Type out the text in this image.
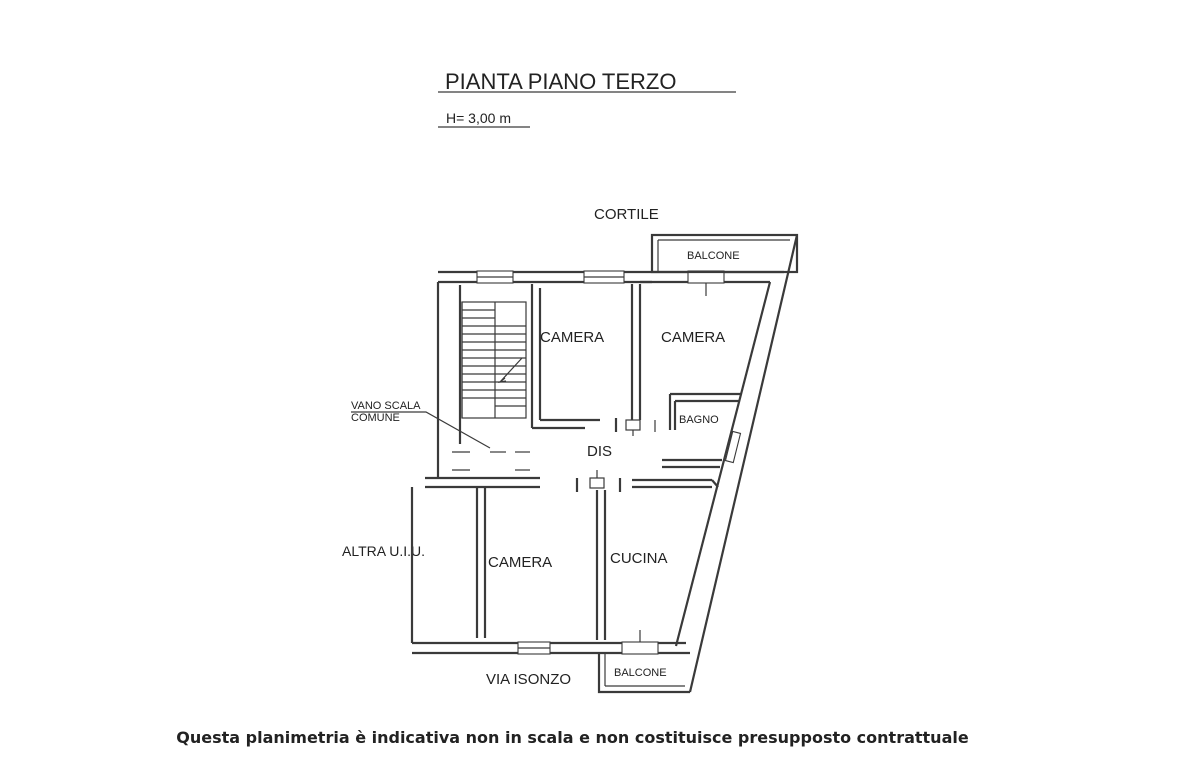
PIANTA PIANO TERZO
H= 3,00 m
CORTILE
VIA ISONZO
ALTRA U.I.U.
BALCONE
BALCONE
VANO SCALA
COMUNE
CAMERA	CAMERA
BAGNO
DIS
CAMERA	CUCINA
Questa planimetria è indicativa non in scala e non costituisce presupposto contrattuale
